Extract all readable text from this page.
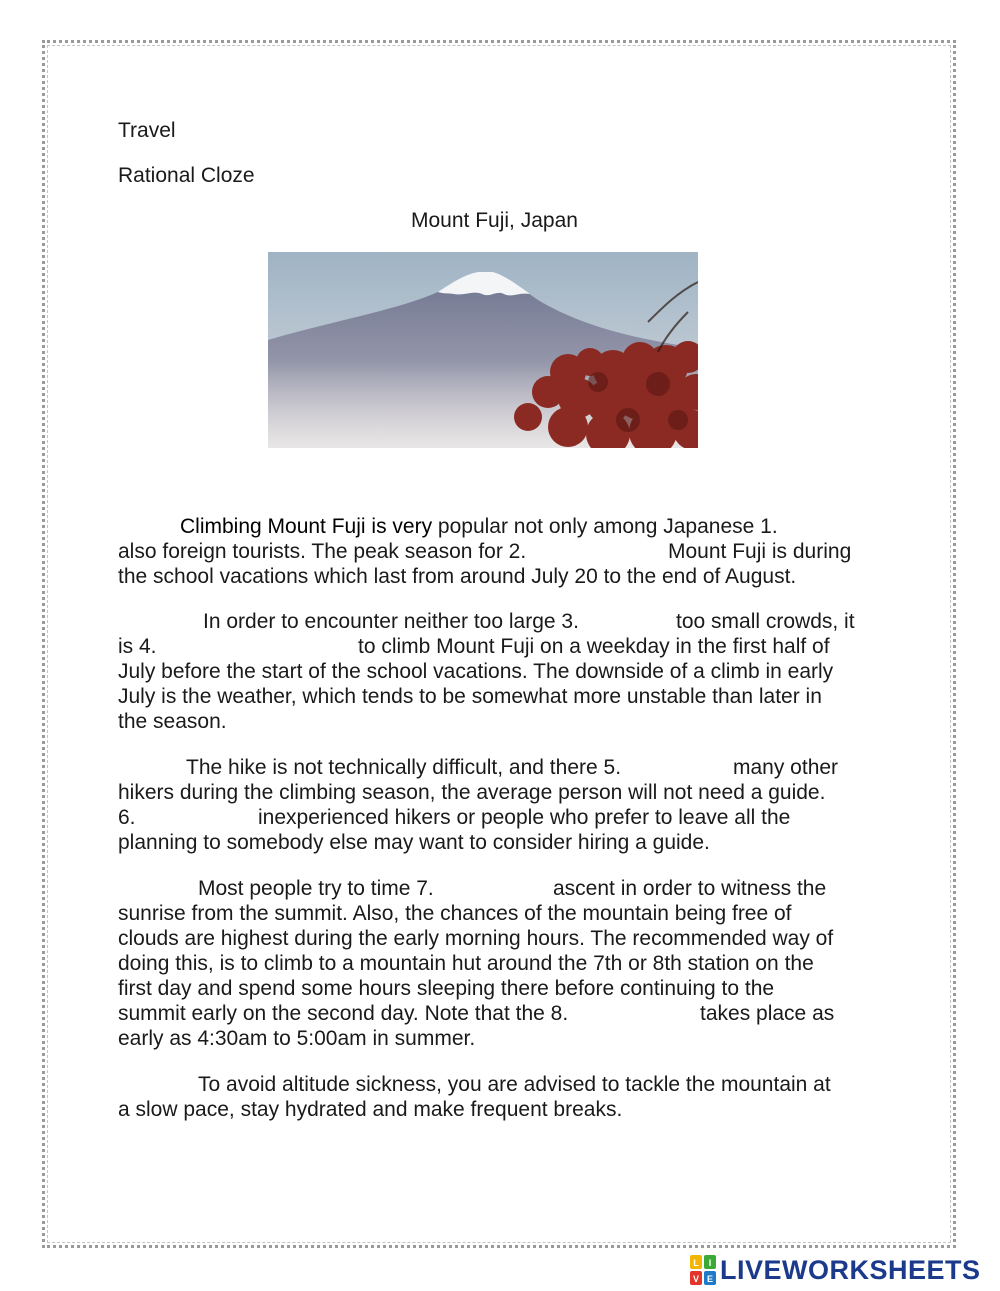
Travel
Rational Cloze
Mount Fuji, Japan
Climbing Mount Fuji is very popular not only among Japanese 1.
also foreign tourists. The peak season for 2.	Mount Fuji is during
the school vacations which last from around July 20 to the end of August.
In order to encounter neither too large 3.	too small crowds, it
is 4.	to climb Mount Fuji on a weekday in the first half of
July before the start of the school vacations. The downside of a climb in early
July is the weather, which tends to be somewhat more unstable than later in
the season.
The hike is not technically difficult, and there 5.	many other
hikers during the climbing season, the average person will not need a guide.
6.	inexperienced hikers or people who prefer to leave all the
planning to somebody else may want to consider hiring a guide.
Most people try to time 7.	ascent in order to witness the
sunrise from the summit. Also, the chances of the mountain being free of
clouds are highest during the early morning hours. The recommended way of
doing this, is to climb to a mountain hut around the 7th or 8th station on the
first day and spend some hours sleeping there before continuing to the
summit early on the second day. Note that the 8.	takes place as
early as 4:30am to 5:00am in summer.
To avoid altitude sickness, you are advised to tackle the mountain at
a slow pace, stay hydrated and make frequent breaks.
L I
V E LIVEWORKSHEETS
